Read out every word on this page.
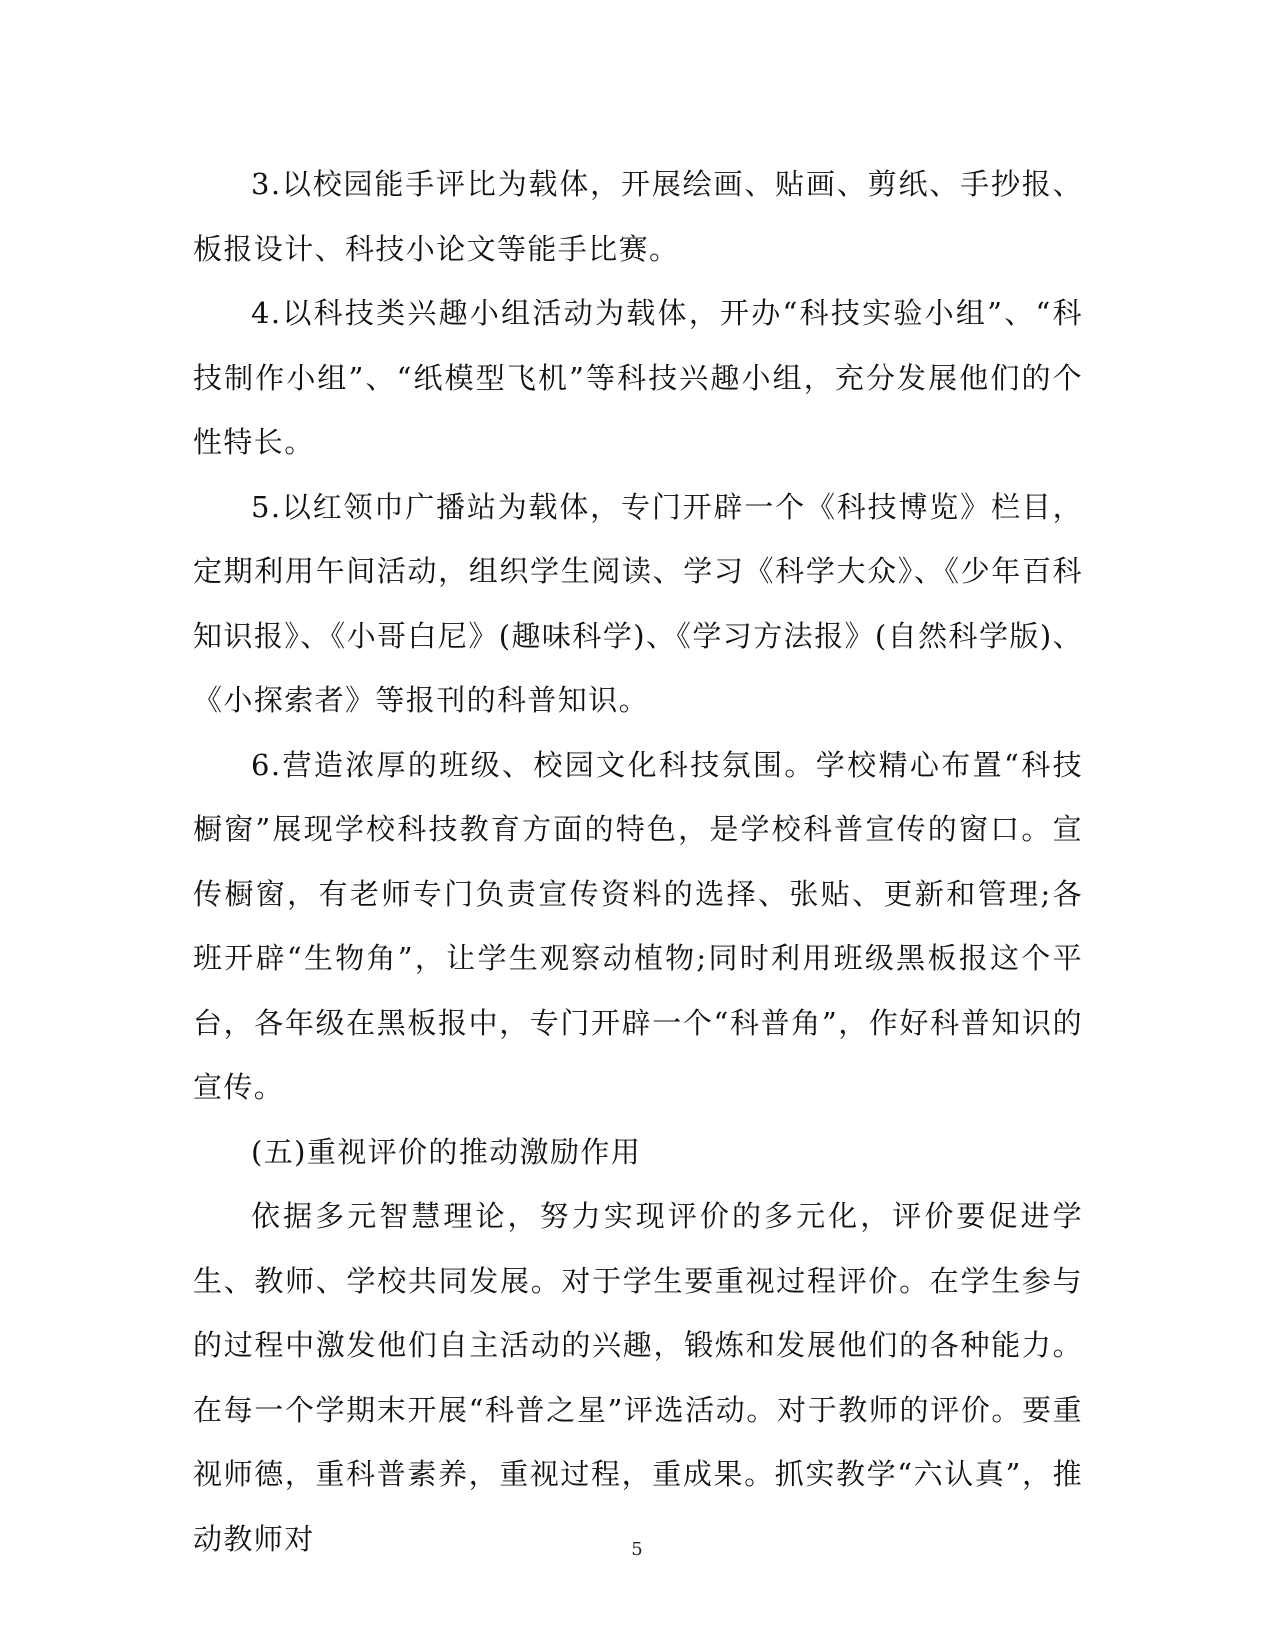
3.以校园能手评比为载体，开展绘画、贴画、剪纸、手抄报、板报设计、科技小论文等能手比赛。

4.以科技类兴趣小组活动为载体，开办“科技实验小组”、“科技制作小组”、“纸模型飞机”等科技兴趣小组，充分发展他们的个性特长。

5.以红领巾广播站为载体，专门开辟一个《科技博览》栏目，定期利用午间活动，组织学生阅读、学习《科学大众》、《少年百科知识报》、《小哥白尼》(趣味科学)、《学习方法报》(自然科学版)、《小探索者》等报刊的科普知识。

6.营造浓厚的班级、校园文化科技氛围。学校精心布置“科技橱窗”展现学校科技教育方面的特色，是学校科普宣传的窗口。宣传橱窗，有老师专门负责宣传资料的选择、张贴、更新和管理;各班开辟“生物角”，让学生观察动植物;同时利用班级黑板报这个平台，各年级在黑板报中，专门开辟一个“科普角”，作好科普知识的宣传。

(五)重视评价的推动激励作用

依据多元智慧理论，努力实现评价的多元化，评价要促进学生、教师、学校共同发展。对于学生要重视过程评价。在学生参与的过程中激发他们自主活动的兴趣，锻炼和发展他们的各种能力。在每一个学期末开展“科普之星”评选活动。对于教师的评价。要重视师德，重科普素养，重视过程，重成果。抓实教学“六认真”，推动教师对	5
